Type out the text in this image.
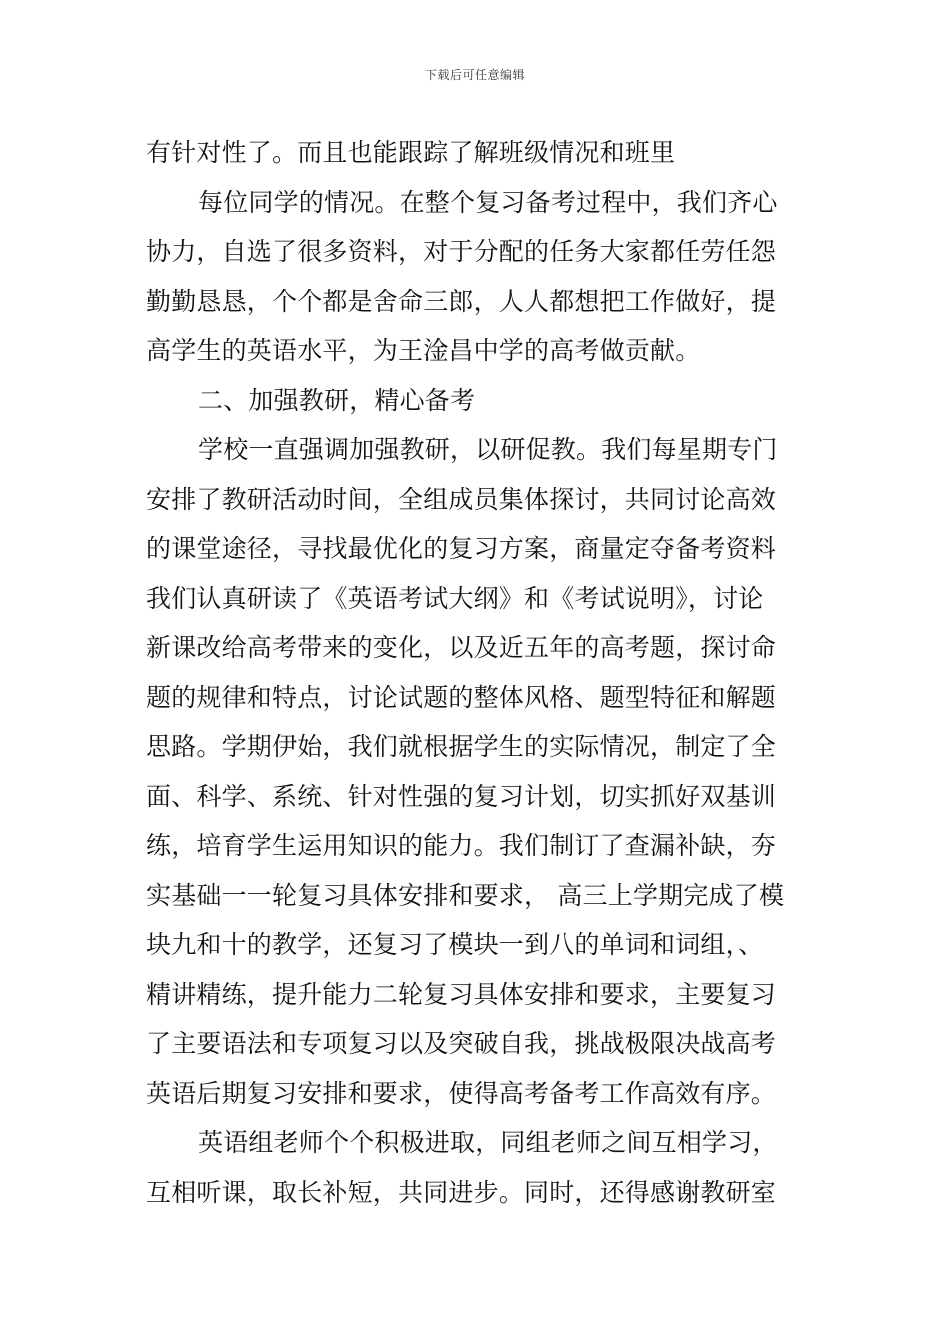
下载后可任意编辑
有针对性了。而且也能跟踪了解班级情况和班里
每位同学的情况。在整个复习备考过程中，我们齐心
协力，自选了很多资料，对于分配的任务大家都任劳任怨
勤勤恳恳，个个都是舍命三郎，人人都想把工作做好，提
高学生的英语水平，为王淦昌中学的高考做贡献。
二、加强教研，精心备考
学校一直强调加强教研，以研促教。我们每星期专门
安排了教研活动时间，全组成员集体探讨，共同讨论高效
的课堂途径，寻找最优化的复习方案，商量定夺备考资料
我们认真研读了《英语考试大纲》和《考试说明》，讨论
新课改给高考带来的变化，以及近五年的高考题，探讨命
题的规律和特点，讨论试题的整体风格、题型特征和解题
思路。学期伊始，我们就根据学生的实际情况，制定了全
面、科学、系统、针对性强的复习计划，切实抓好双基训
练，培育学生运用知识的能力。我们制订了查漏补缺，夯
实基础一一轮复习具体安排和要求， 高三上学期完成了模
块九和十的教学，还复习了模块一到八的单词和词组，、
精讲精练，提升能力二轮复习具体安排和要求，主要复习
了主要语法和专项复习以及突破自我，挑战极限决战高考
英语后期复习安排和要求，使得高考备考工作高效有序。
英语组老师个个积极进取，同组老师之间互相学习，
互相听课，取长补短，共同进步。同时，还得感谢教研室
